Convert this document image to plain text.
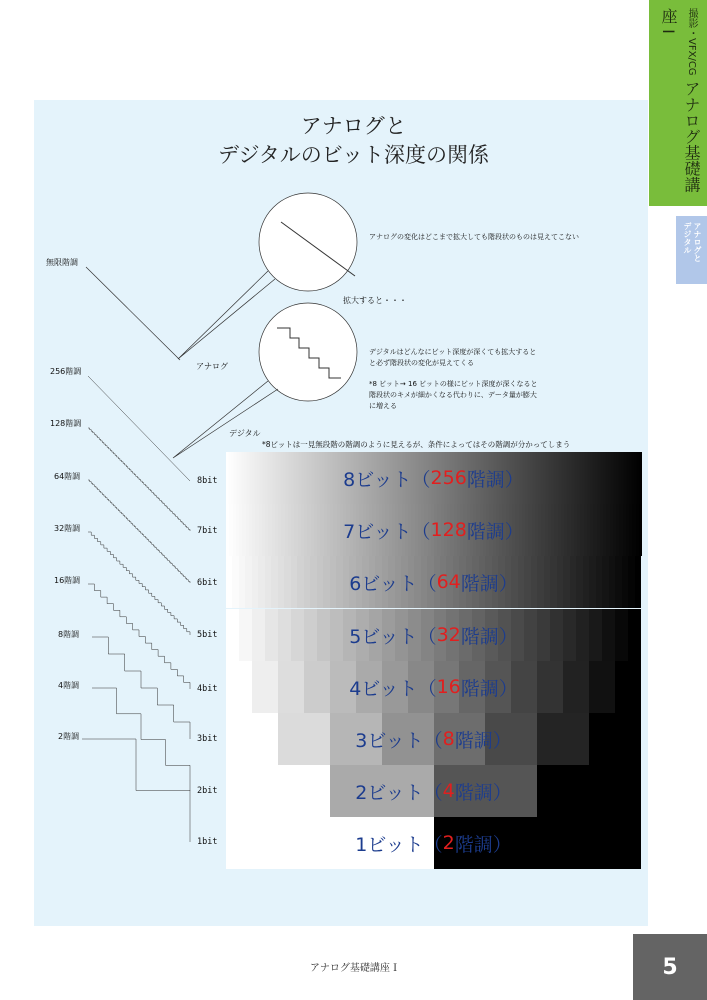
撮影・VFX/CG アナログ基礎講座 I
アナログと
デジタル
アナログと
デジタルのビット深度の関係
アナログの変化はどこまで拡大しても階段状のものは見えてこない
拡大すると・・・
デジタルはどんなにビット深度が深くても拡大すると
と必ず階段状の変化が見えてくる
*8 ビット→ 16 ビットの様にビット深度が深くなると
階段状のキメが細かくなる代わりに、データ量が膨大
に増える
アナログ
デジタル
*8ビットは一見無段階の階調のように見えるが、条件によってはその階調が分かってしまう
無限階調
256階調
128階調
64階調
32階調
16階調
8階調
4階調
2階調
8bit
7bit
6bit
5bit
4bit
3bit
2bit
1bit
8ビット （ 256 階調）
7ビット （ 128 階調）
6ビット （ 64 階調）
5ビット （ 32 階調）
4ビット （ 16 階調）
3ビット （ 8 階調）
2ビット （ 4 階調）
1ビット （ 2 階調）
アナログ基礎講座 I	5
